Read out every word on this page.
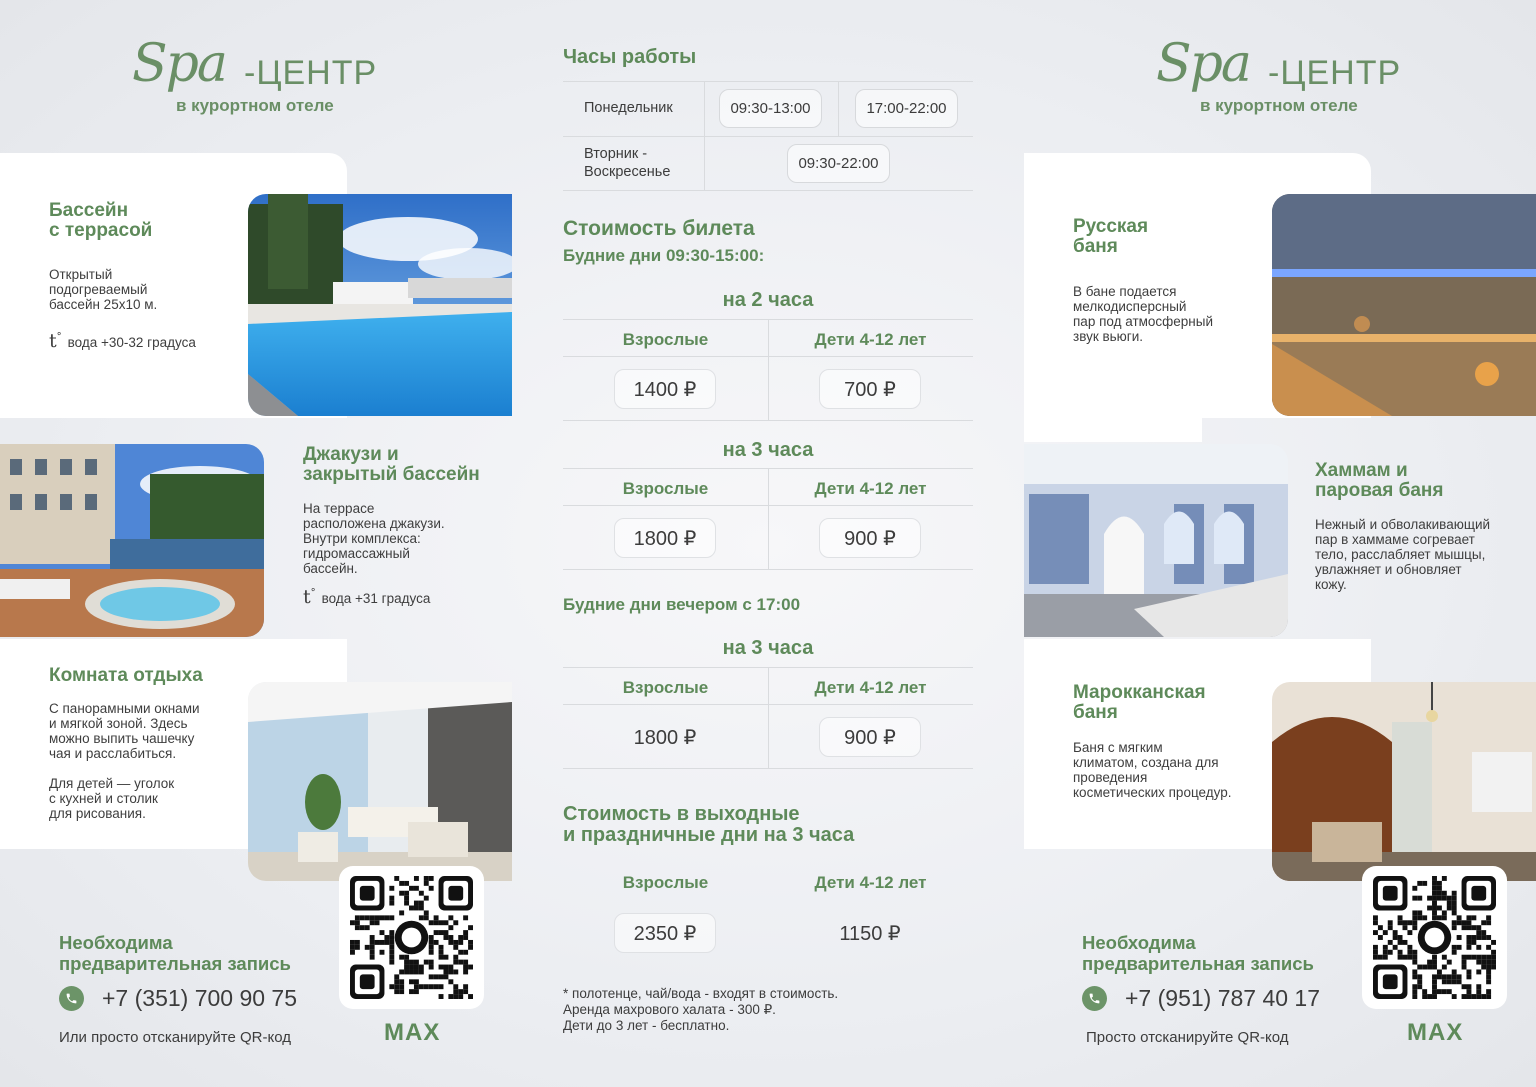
Spa -ЦЕНТР
в курортном отеле
Бассейн
с террасой
Открытый
подогреваемый
бассейн 25x10 м.
t° вода +30-32 градуса
Джакузи и
закрытый бассейн
На террасе
расположена джакузи.
Внутри комплекса:
гидромассажный
бассейн.
t° вода +31 градуса
Комната отдыха
С панорамными окнами
и мягкой зоной. Здесь
можно выпить чашечку
чая и расслабиться.

Для детей — уголок
с кухней и столик
для рисования.
Необходима
предварительная запись
+7 (351) 700 90 75
Или просто отсканируйте QR-код	MAX
Часы работы
Понедельник	09:30-13:00	17:00-22:00
Вторник -
Воскресенье	09:30-22:00
Стоимость билета
Будние дни 09:30-15:00:
на 2 часа
Взрослые	Дети 4-12 лет
1400 ₽	700 ₽
на 3 часа
Взрослые	Дети 4-12 лет
1800 ₽	900 ₽
Будние дни вечером с 17:00
на 3 часа
Взрослые	Дети 4-12 лет
1800 ₽	900 ₽
Стоимость в выходные
и праздничные дни на 3 часа
Взрослые	Дети 4-12 лет
2350 ₽	1150 ₽
* полотенце, чай/вода - входят в стоимость.
Аренда махрового халата - 300 ₽.
Дети до 3 лет - бесплатно.
Spa -ЦЕНТР
в курортном отеле
Русская
баня
В бане подается
мелкодисперсный
пар под атмосферный
звук вьюги.
Хаммам и
паровая баня
Нежный и обволакивающий
пар в хаммаме согревает
тело, расслабляет мышцы,
увлажняет и обновляет
кожу.
Марокканская
баня
Баня с мягким
климатом, создана для
проведения
косметических процедур.
Необходима
предварительная запись
+7 (951) 787 40 17
Просто отсканируйте QR-код	MAX
